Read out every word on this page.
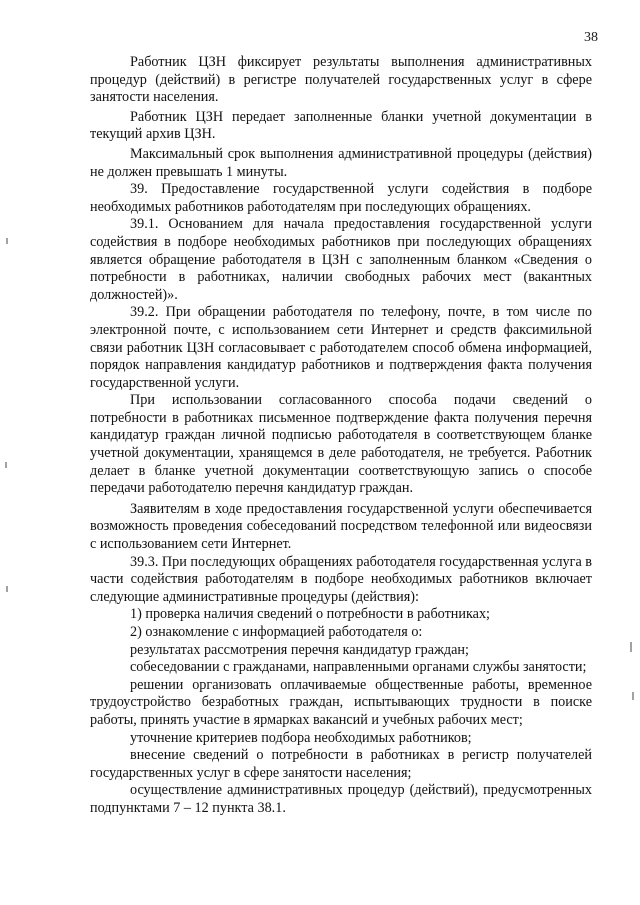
38

Работник ЦЗН фиксирует результаты выполнения административных процедур (действий) в регистре получателей государственных услуг в сфере занятости населения.

Работник ЦЗН передает заполненные бланки учетной документации в текущий архив ЦЗН.

Максимальный срок выполнения административной процедуры (действия) не должен превышать 1 минуты.

39. Предоставление государственной услуги содействия в подборе необходимых работников работодателям при последующих обращениях.

39.1. Основанием для начала предоставления государственной услуги содействия в подборе необходимых работников при последующих обращениях является обращение работодателя в ЦЗН с заполненным бланком «Сведения о потребности в работниках, наличии свободных рабочих мест (вакантных должностей)».

39.2. При обращении работодателя по телефону, почте, в том числе по электронной почте, с использованием сети Интернет и средств факсимильной связи работник ЦЗН согласовывает с работодателем способ обмена информацией, порядок направления кандидатур работников и подтверждения факта получения государственной услуги.

При использовании согласованного способа подачи сведений о потребности в работниках письменное подтверждение факта получения перечня кандидатур граждан личной подписью работодателя в соответствующем бланке учетной документации, хранящемся в деле работодателя, не требуется. Работник делает в бланке учетной документации соответствующую запись о способе передачи работодателю перечня кандидатур граждан.

Заявителям в ходе предоставления государственной услуги обеспечивается возможность проведения собеседований посредством телефонной или видеосвязи с использованием сети Интернет.

39.3. При последующих обращениях работодателя государственная услуга в части содействия работодателям в подборе необходимых работников включает следующие административные процедуры (действия):

1) проверка наличия сведений о потребности в работниках;

2) ознакомление с информацией работодателя о:

результатах рассмотрения перечня кандидатур граждан;

собеседовании с гражданами, направленными органами службы занятости;

решении организовать оплачиваемые общественные работы, временное трудоустройство безработных граждан, испытывающих трудности в поиске работы, принять участие в ярмарках вакансий и учебных рабочих мест;

уточнение критериев подбора необходимых работников;

внесение сведений о потребности в работниках в регистр получателей государственных услуг в сфере занятости населения;

осуществление административных процедур (действий), предусмотренных подпунктами 7 – 12 пункта 38.1.
